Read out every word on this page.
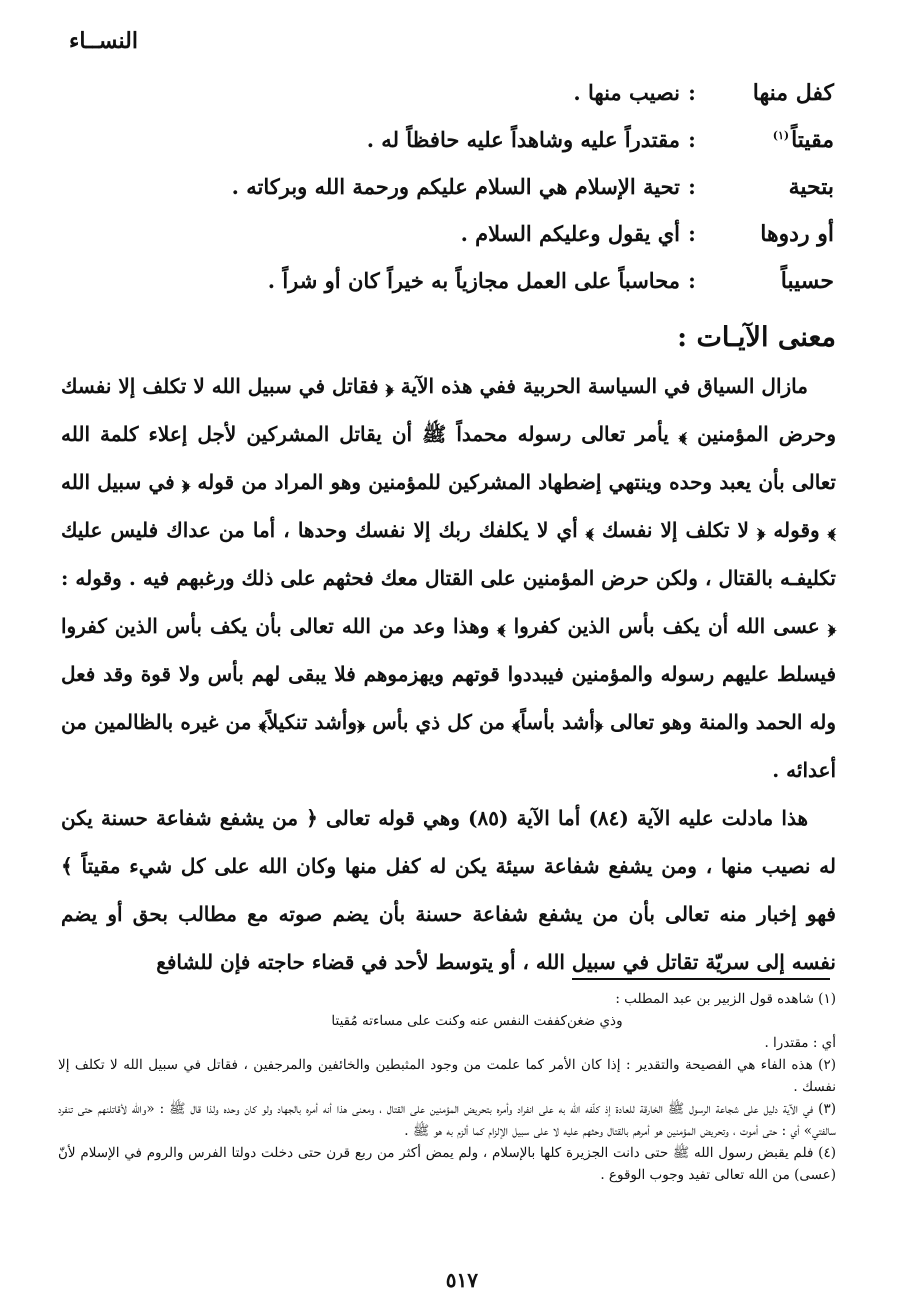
النســاء
كفل منها
:
نصيب منها .
مقيتاً$^{(١)}$
:
مقتدراً عليه وشاهداً عليه حافظاً له .
بتحية
:
تحية الإسلام هي السلام عليكم ورحمة الله وبركاته .
أو ردوها
:
أي يقول وعليكم السلام .
حسيباً
:
محاسباً على العمل مجازياً به خيراً كان أو شراً .
معنى الآيـات :

مازال السياق في السياسة الحربية ففي هذه الآية ﴿ فقاتل في سبيل الله لا تكلف إلا نفسك وحرض المؤمنين ﴾ يأمر تعالى رسوله محمداً ﷺ أن يقاتل المشركين لأجل إعلاء كلمة الله تعالى بأن يعبد وحده وينتهي إضطهاد المشركين للمؤمنين وهو المراد من قوله ﴿ في سبيل الله ﴾ وقوله ﴿ لا تكلف إلا نفسك ﴾ أي لا يكلفك ربك إلا نفسك وحدها ، أما من عداك فليس عليك تكليفـه بالقتال ، ولكن حرض المؤمنين على القتال معك فحثهم على ذلك ورغبهم فيه . وقوله : ﴿ عسى الله أن يكف بأس الذين كفروا ﴾ وهذا وعد من الله تعالى بأن يكف بأس الذين كفروا فيسلط عليهم رسوله والمؤمنين فيبددوا قوتهم ويهزموهم فلا يبقى لهم بأس ولا قوة وقد فعل وله الحمد والمنة وهو تعالى ﴿أشد بأساً﴾ من كل ذي بأس ﴿وأشد تنكيلاً﴾ من غيره بالظالمين من أعدائه .

هذا مادلت عليه الآية (٨٤) أما الآية (٨٥) وهي قوله تعالى ﴿ من يشفع شفاعة حسنة يكن له نصيب منها ، ومن يشفع شفاعة سيئة يكن له كفل منها وكان الله على كل شيء مقيتاً ﴾ فهو إخبار منه تعالى بأن من يشفع شفاعة حسنة بأن يضم صوته مع مطالب بحق أو يضم نفسه إلى سريّة تقاتل في سبيل الله ، أو يتوسط لأحد في قضاء حاجته فإن للشافع

(١) شاهده قول الزبير بن عبد المطلب :

وذي ضغن‌كففت النفس عنه وكنت على مساءته مُقيتا

أي : مقتدرا .

(٢) هذه الفاء هي الفصيحة والتقدير : إذا كان الأمر كما علمت من وجود المثبطين والخائفين والمرجفين ، فقاتل في سبيل الله لا تكلف إلا نفسك .

(٣) في الآية دليل على شجاعة الرسول ﷺ الخارقة للعادة إذ كلّفه الله به على انفراد وأمره بتحريض المؤمنين على القتال ، ومعنى هذا أنه أمره بالجهاد ولو كان وحده ولذا قال ﷺ : «والله لأقاتلنهم حتى تنفرد سالفتي» أي : حتى أموت ، وتحريض المؤمنين هو أمرهم بالقتال وحثهم عليه لا على سبيل الإلزام كما ألزم به هو ﷺ .

(٤) فلم يقبض رسول الله ﷺ حتى دانت الجزيرة كلها بالإسلام ، ولم يمض أكثر من ربع قرن حتى دخلت دولتا الفرس والروم في الإسلام لأنّ (عسى) من الله تعالى تفيد وجوب الوقوع .

٥١٧
